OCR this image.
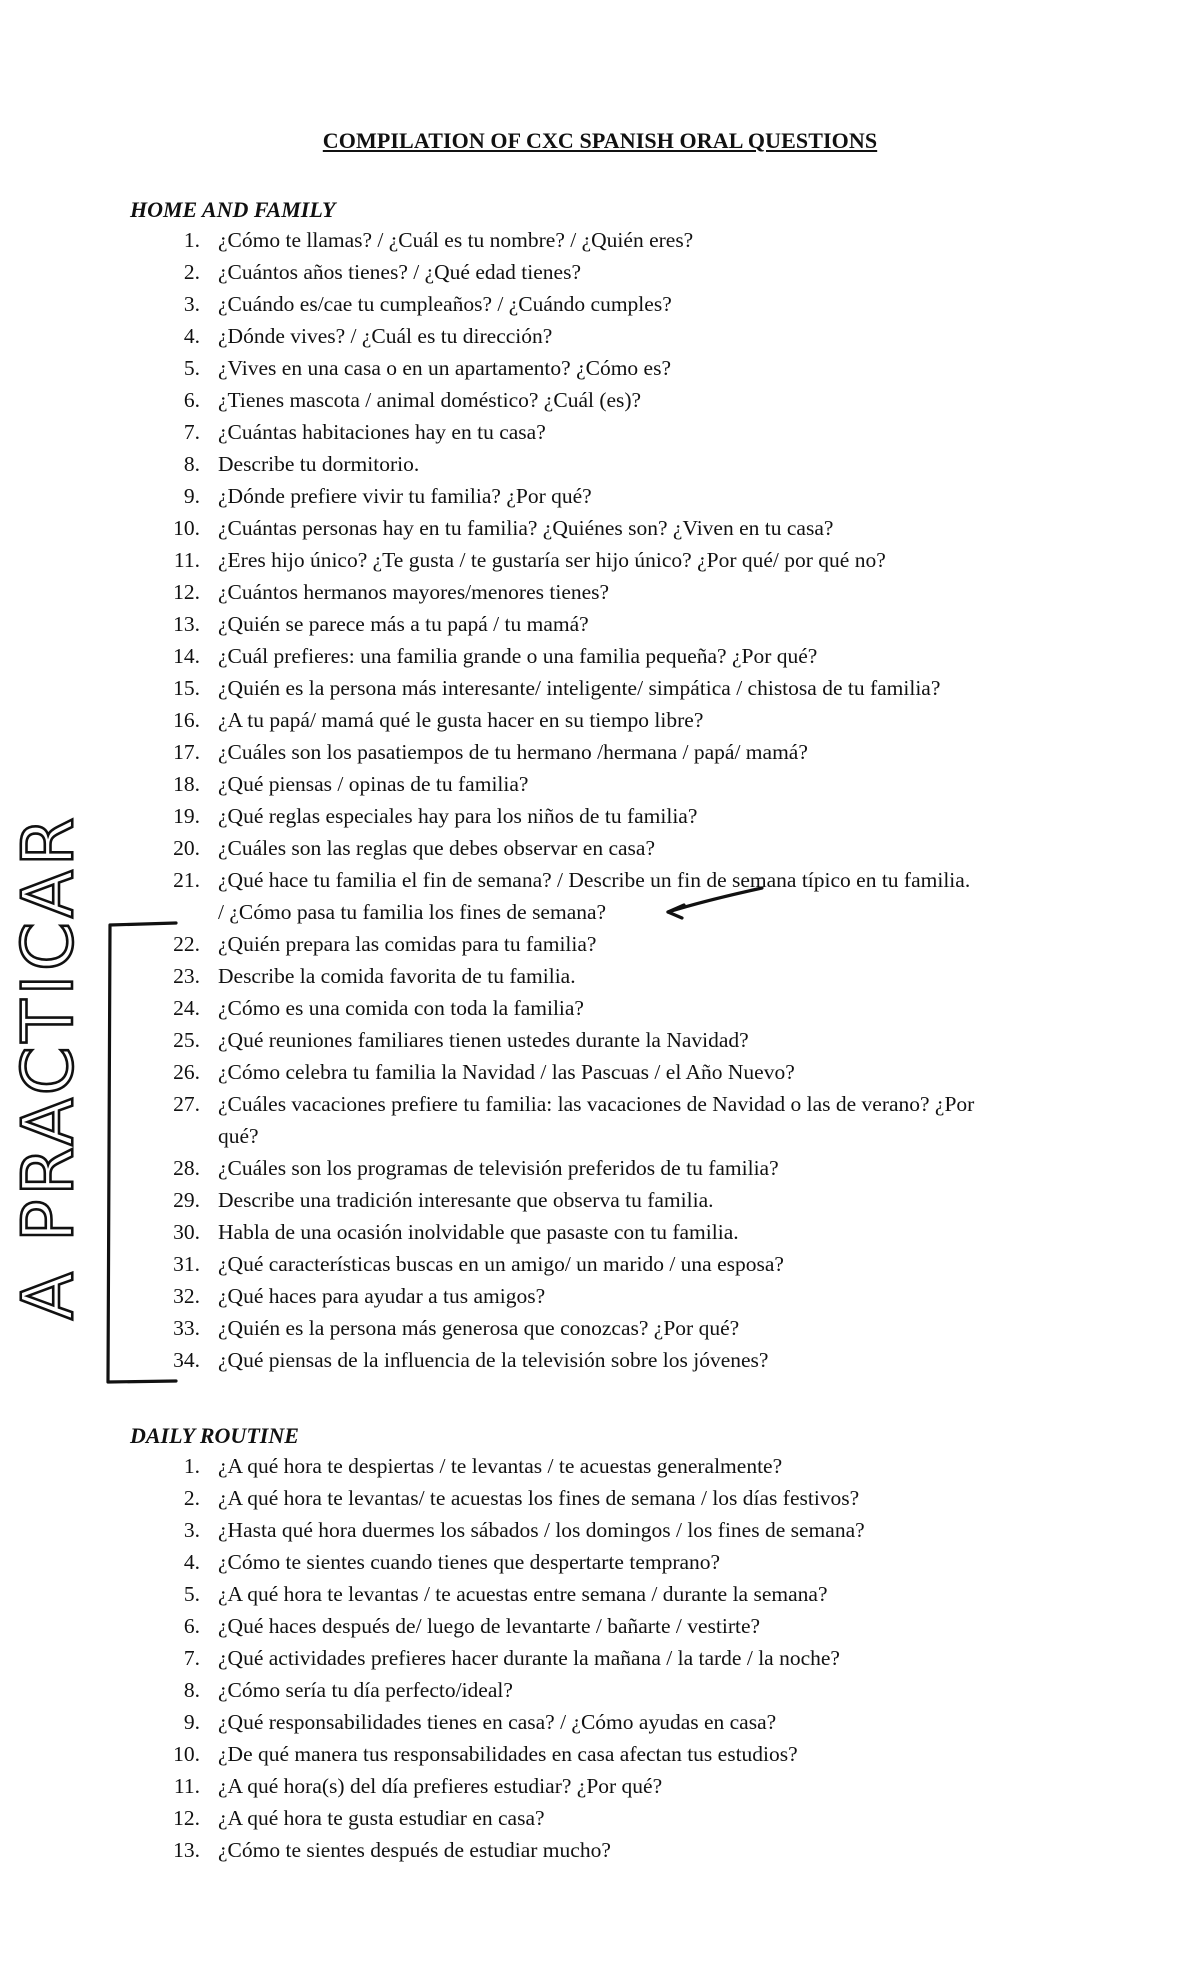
COMPILATION OF CXC SPANISH ORAL QUESTIONS
HOME AND FAMILY
1. ¿Cómo te llamas? / ¿Cuál es tu nombre? / ¿Quién eres?
2. ¿Cuántos años tienes? / ¿Qué edad tienes?
3. ¿Cuándo es/cae tu cumpleaños? / ¿Cuándo cumples?
4. ¿Dónde vives? / ¿Cuál es tu dirección?
5. ¿Vives en una casa o en un apartamento? ¿Cómo es?
6. ¿Tienes mascota / animal doméstico? ¿Cuál (es)?
7. ¿Cuántas habitaciones hay en tu casa?
8. Describe tu dormitorio.
9. ¿Dónde prefiere vivir tu familia? ¿Por qué?
10. ¿Cuántas personas hay en tu familia? ¿Quiénes son? ¿Viven en tu casa?
11. ¿Eres hijo único? ¿Te gusta / te gustaría ser hijo único? ¿Por qué/ por qué no?
12. ¿Cuántos hermanos mayores/menores tienes?
13. ¿Quién se parece más a tu papá / tu mamá?
14. ¿Cuál prefieres: una familia grande o una familia pequeña? ¿Por qué?
15. ¿Quién es la persona más interesante/ inteligente/ simpática / chistosa de tu familia?
16. ¿A tu papá/ mamá qué le gusta hacer en su tiempo libre?
17. ¿Cuáles son los pasatiempos de tu hermano /hermana / papá/ mamá?
18. ¿Qué piensas / opinas de tu familia?
19. ¿Qué reglas especiales hay para los niños de tu familia?
20. ¿Cuáles son las reglas que debes observar en casa?
21. ¿Qué hace tu familia el fin de semana? / Describe un fin de semana típico en tu familia.
/ ¿Cómo pasa tu familia los fines de semana?
22. ¿Quién prepara las comidas para tu familia?
23. Describe la comida favorita de tu familia.
24. ¿Cómo es una comida con toda la familia?
25. ¿Qué reuniones familiares tienen ustedes durante la Navidad?
26. ¿Cómo celebra tu familia la Navidad / las Pascuas / el Año Nuevo?
27. ¿Cuáles vacaciones prefiere tu familia: las vacaciones de Navidad o las de verano? ¿Por
qué?
28. ¿Cuáles son los programas de televisión preferidos de tu familia?
29. Describe una tradición interesante que observa tu familia.
30. Habla de una ocasión inolvidable que pasaste con tu familia.
31. ¿Qué características buscas en un amigo/ un marido / una esposa?
32. ¿Qué haces para ayudar a tus amigos?
33. ¿Quién es la persona más generosa que conozcas? ¿Por qué?
34. ¿Qué piensas de la influencia de la televisión sobre los jóvenes?
DAILY ROUTINE
1. ¿A qué hora te despiertas / te levantas / te acuestas generalmente?
2. ¿A qué hora te levantas/ te acuestas los fines de semana / los días festivos?
3. ¿Hasta qué hora duermes los sábados / los domingos / los fines de semana?
4. ¿Cómo te sientes cuando tienes que despertarte temprano?
5. ¿A qué hora te levantas / te acuestas entre semana / durante la semana?
6. ¿Qué haces después de/ luego de levantarte / bañarte / vestirte?
7. ¿Qué actividades prefieres hacer durante la mañana / la tarde / la noche?
8. ¿Cómo sería tu día perfecto/ideal?
9. ¿Qué responsabilidades tienes en casa? / ¿Cómo ayudas en casa?
10. ¿De qué manera tus responsabilidades en casa afectan tus estudios?
11. ¿A qué hora(s) del día prefieres estudiar? ¿Por qué?
12. ¿A qué hora te gusta estudiar en casa?
13. ¿Cómo te sientes después de estudiar mucho?
A PRACTICAR
